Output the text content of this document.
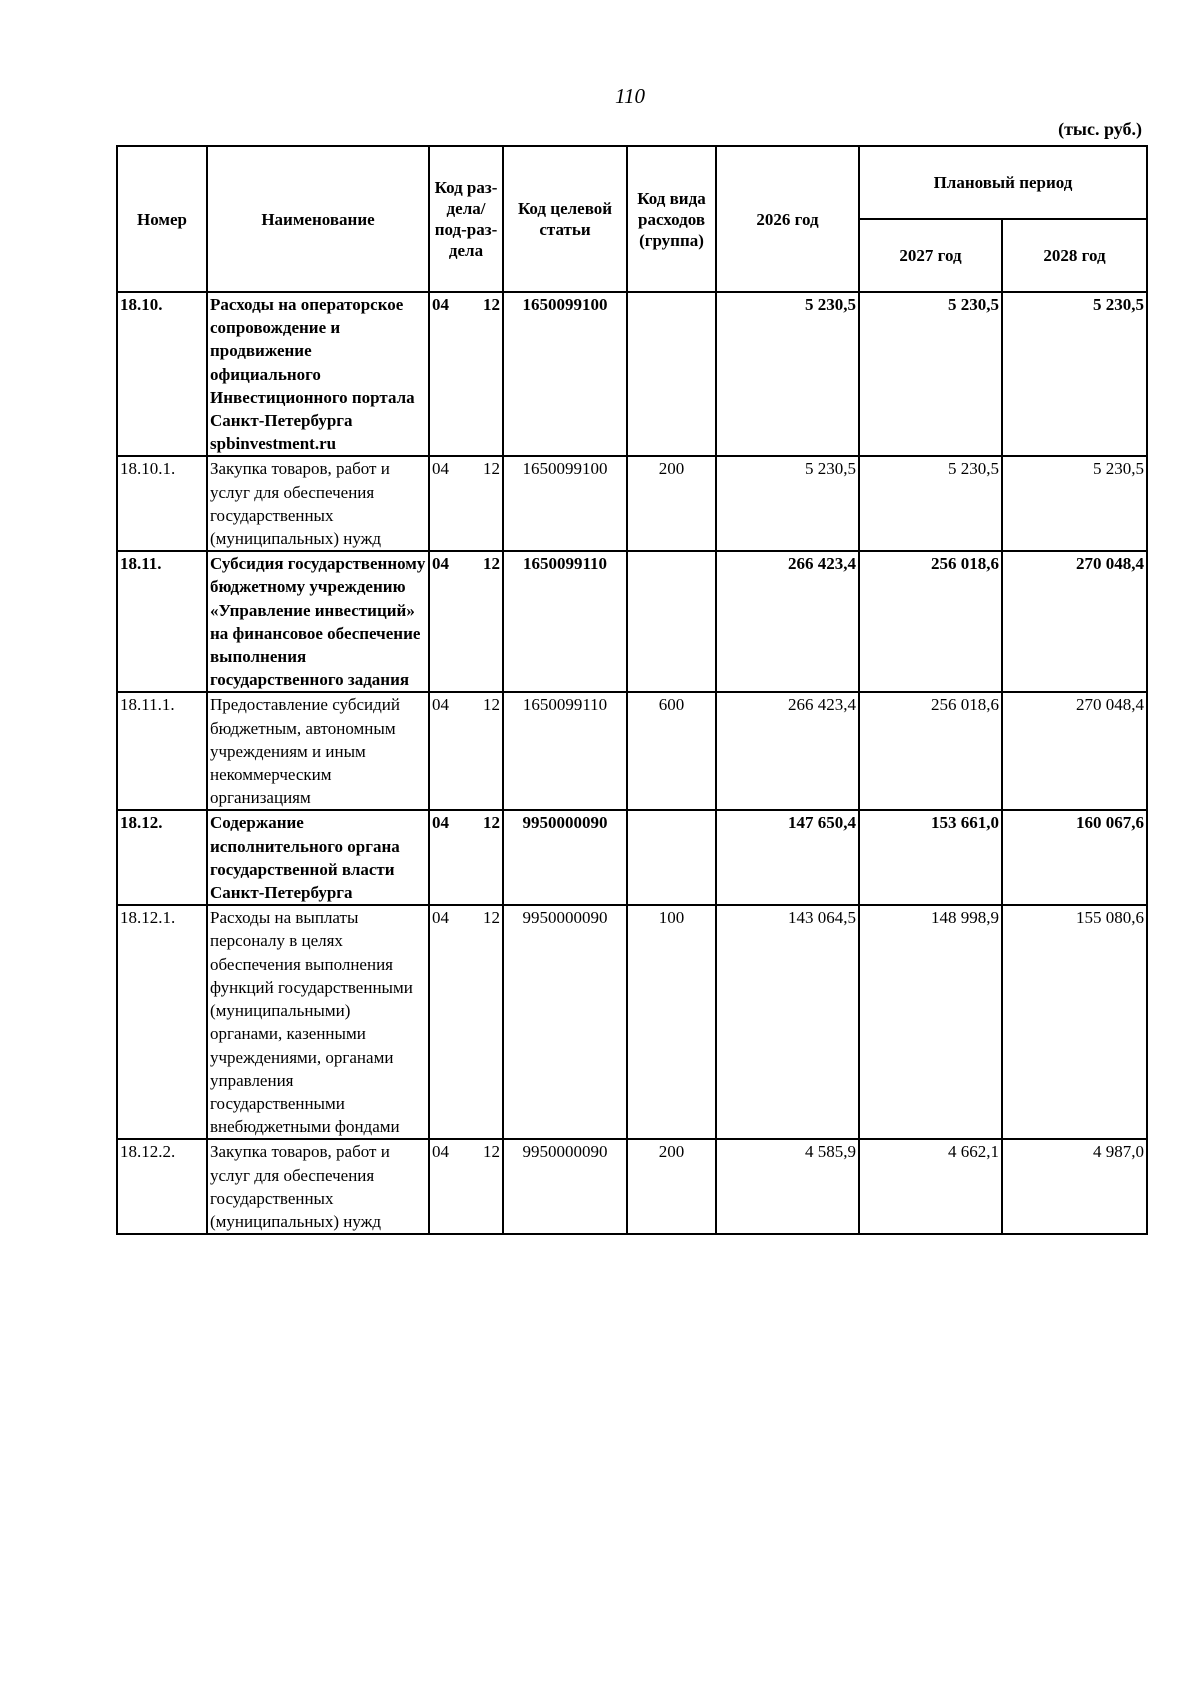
110
(тыс. руб.)
Номер	Наименование	Код раз-дела/ под-раз-дела	Код целевой статьи	Код вида расходов (группа)	2026 год	Плановый период	
						2027 год	2028 год
18.10.	Расходы на операторское сопровождение и продвижение официального Инвестиционного портала Санкт-Петербурга spbinvestment.ru	04 12	1650099100		5 230,5	5 230,5	5 230,5
18.10.1.	Закупка товаров, работ и услуг для обеспечения государственных (муниципальных) нужд	04 12	1650099100	200	5 230,5	5 230,5	5 230,5
18.11.	Субсидия государственному бюджетному учреждению «Управление инвестиций» на финансовое обеспечение выполнения государственного задания	04 12	1650099110		266 423,4	256 018,6	270 048,4
18.11.1.	Предоставление субсидий бюджетным, автономным учреждениям и иным некоммерческим организациям	04 12	1650099110	600	266 423,4	256 018,6	270 048,4
18.12.	Содержание исполнительного органа государственной власти Санкт-Петербурга	04 12	9950000090		147 650,4	153 661,0	160 067,6
18.12.1.	Расходы на выплаты персоналу в целях обеспечения выполнения функций государственными (муниципальными) органами, казенными учреждениями, органами управления государственными внебюджетными фондами	04 12	9950000090	100	143 064,5	148 998,9	155 080,6
18.12.2.	Закупка товаров, работ и услуг для обеспечения государственных (муниципальных) нужд	04 12	9950000090	200	4 585,9	4 662,1	4 987,0
